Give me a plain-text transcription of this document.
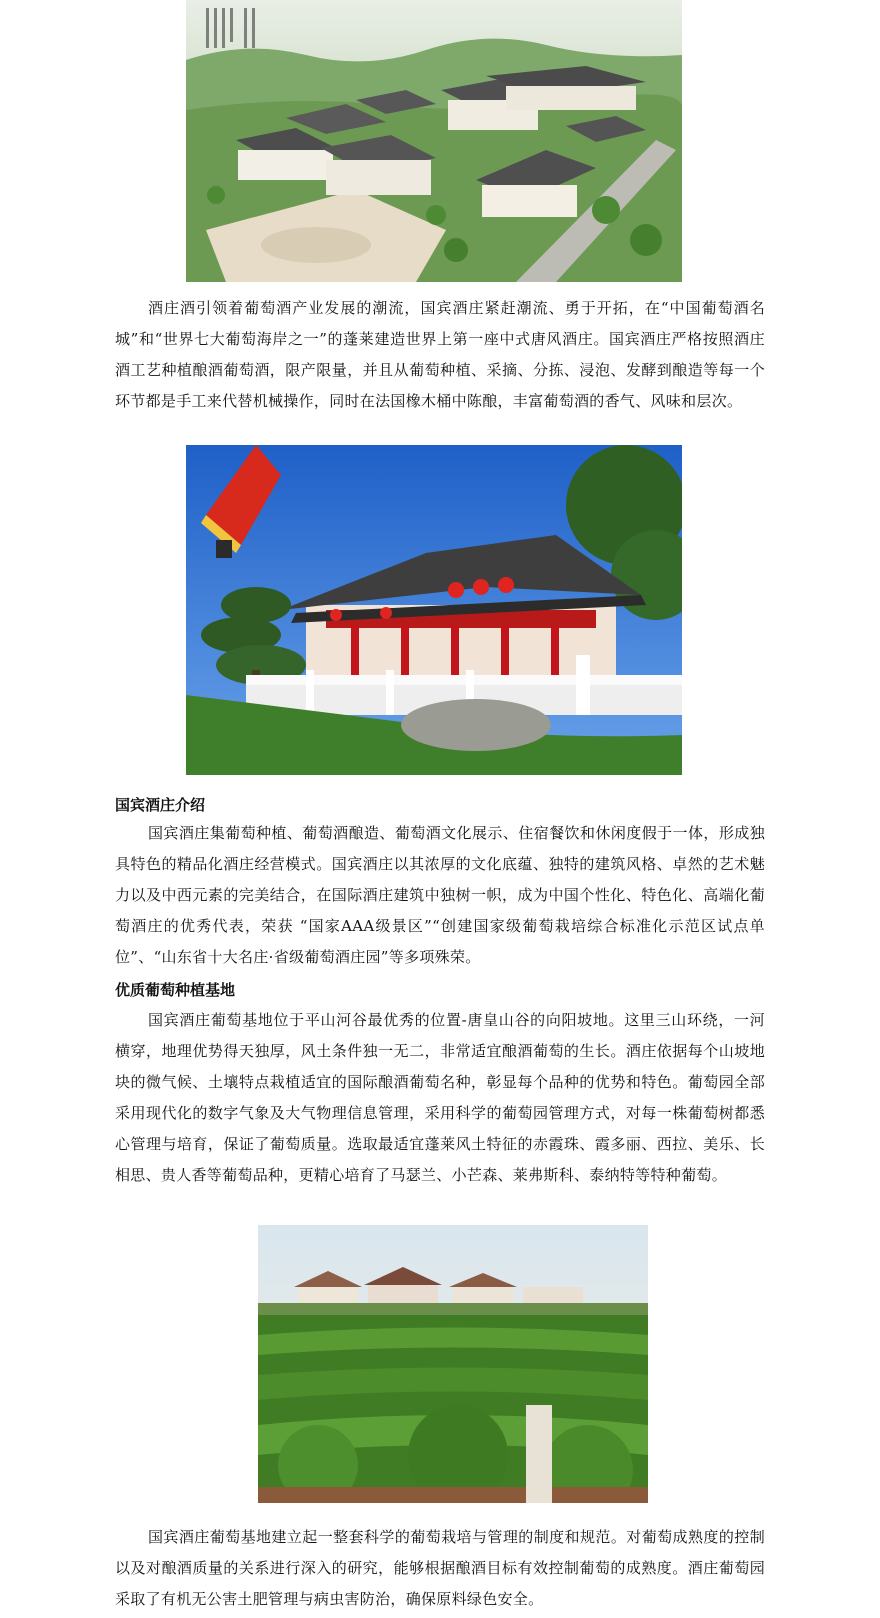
酒庄酒引领着葡萄酒产业发展的潮流，国宾酒庄紧赶潮流、勇于开拓，在“中国葡萄酒名城”和“世界七大葡萄海岸之一”的蓬莱建造世界上第一座中式唐风酒庄。国宾酒庄严格按照酒庄酒工艺种植酿酒葡萄酒，限产限量，并且从葡萄种植、采摘、分拣、浸泡、发酵到酿造等每一个环节都是手工来代替机械操作，同时在法国橡木桶中陈酿，丰富葡萄酒的香气、风味和层次。

国宾酒庄介绍

国宾酒庄集葡萄种植、葡萄酒酿造、葡萄酒文化展示、住宿餐饮和休闲度假于一体，形成独具特色的精品化酒庄经营模式。国宾酒庄以其浓厚的文化底蕴、独特的建筑风格、卓然的艺术魅力以及中西元素的完美结合，在国际酒庄建筑中独树一帜，成为中国个性化、特色化、高端化葡萄酒庄的优秀代表，荣获 “国家AAA级景区”“创建国家级葡萄栽培综合标准化示范区试点单位”、“山东省十大名庄·省级葡萄酒庄园”等多项殊荣。

优质葡萄种植基地

国宾酒庄葡萄基地位于平山河谷最优秀的位置-唐皇山谷的向阳坡地。这里三山环绕，一河横穿，地理优势得天独厚，风土条件独一无二，非常适宜酿酒葡萄的生长。酒庄依据每个山坡地块的微气候、土壤特点栽植适宜的国际酿酒葡萄名种，彰显每个品种的优势和特色。葡萄园全部采用现代化的数字气象及大气物理信息管理，采用科学的葡萄园管理方式，对每一株葡萄树都悉心管理与培育，保证了葡萄质量。选取最适宜蓬莱风土特征的赤霞珠、霞多丽、西拉、美乐、长相思、贵人香等葡萄品种，更精心培育了马瑟兰、小芒森、莱弗斯科、泰纳特等特种葡萄。

国宾酒庄葡萄基地建立起一整套科学的葡萄栽培与管理的制度和规范。对葡萄成熟度的控制以及对酿酒质量的关系进行深入的研究，能够根据酿酒目标有效控制葡萄的成熟度。酒庄葡萄园采取了有机无公害土肥管理与病虫害防治，确保原料绿色安全。
